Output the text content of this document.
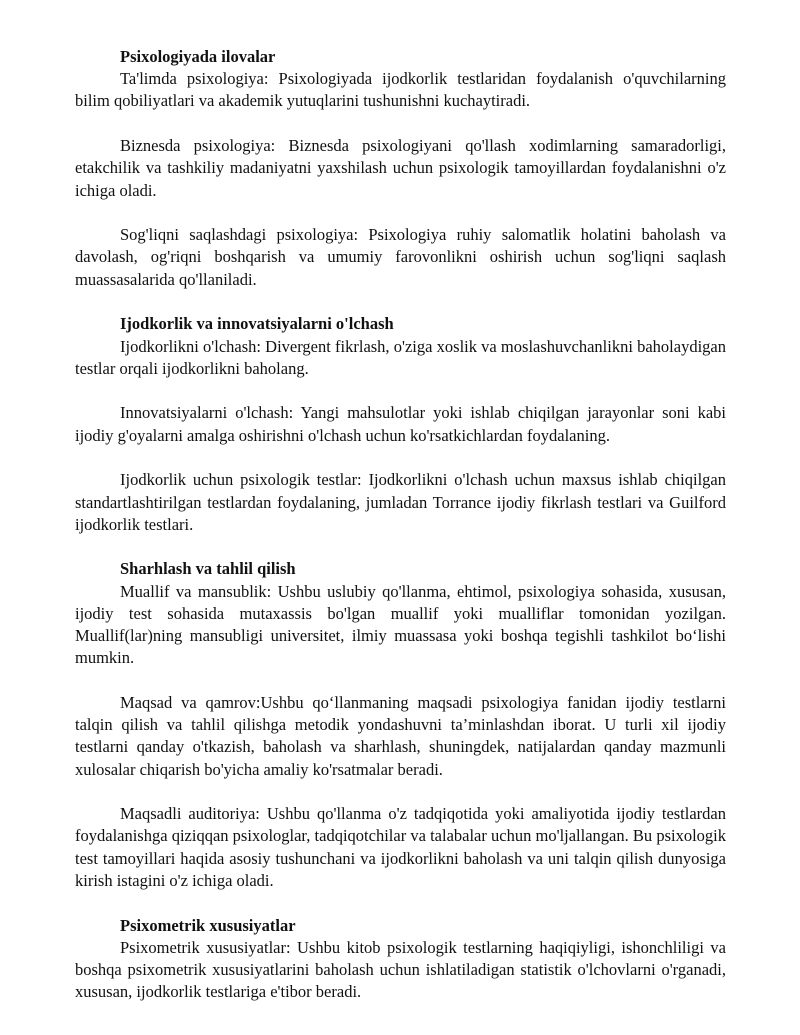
Psixologiyada ilovalar

Ta'limda psixologiya: Psixologiyada ijodkorlik testlaridan foydalanish o'quvchilarning bilim qobiliyatlari va akademik yutuqlarini tushunishni kuchaytiradi.

Biznesda psixologiya: Biznesda psixologiyani qo'llash xodimlarning samaradorligi, etakchilik va tashkiliy madaniyatni yaxshilash uchun psixologik tamoyillardan foydalanishni o'z ichiga oladi.

Sog'liqni saqlashdagi psixologiya: Psixologiya ruhiy salomatlik holatini baholash va davolash, og'riqni boshqarish va umumiy farovonlikni oshirish uchun sog'liqni saqlash muassasalarida qo'llaniladi.

Ijodkorlik va innovatsiyalarni o'lchash

Ijodkorlikni o'lchash: Divergent fikrlash, o'ziga xoslik va moslashuvchanlikni baholaydigan testlar orqali ijodkorlikni baholang.

Innovatsiyalarni o'lchash: Yangi mahsulotlar yoki ishlab chiqilgan jarayonlar soni kabi ijodiy g'oyalarni amalga oshirishni o'lchash uchun ko'rsatkichlardan foydalaning.

Ijodkorlik uchun psixologik testlar: Ijodkorlikni o'lchash uchun maxsus ishlab chiqilgan standartlashtirilgan testlardan foydalaning, jumladan Torrance ijodiy fikrlash testlari va Guilford ijodkorlik testlari.

Sharhlash va tahlil qilish

Muallif va mansublik: Ushbu uslubiy qo'llanma, ehtimol, psixologiya sohasida, xususan, ijodiy test sohasida mutaxassis bo'lgan muallif yoki mualliflar tomonidan yozilgan. Muallif(lar)ning mansubligi universitet, ilmiy muassasa yoki boshqa tegishli tashkilot bo‘lishi mumkin.

Maqsad va qamrov:Ushbu qo‘llanmaning maqsadi psixologiya fanidan ijodiy testlarni talqin qilish va tahlil qilishga metodik yondashuvni ta’minlashdan iborat. U turli xil ijodiy testlarni qanday o'tkazish, baholash va sharhlash, shuningdek, natijalardan qanday mazmunli xulosalar chiqarish bo'yicha amaliy ko'rsatmalar beradi.

Maqsadli auditoriya: Ushbu qo'llanma o'z tadqiqotida yoki amaliyotida ijodiy testlardan foydalanishga qiziqqan psixologlar, tadqiqotchilar va talabalar uchun mo'ljallangan. Bu psixologik test tamoyillari haqida asosiy tushunchani va ijodkorlikni baholash va uni talqin qilish dunyosiga kirish istagini o'z ichiga oladi.

Psixometrik xususiyatlar

Psixometrik xususiyatlar: Ushbu kitob psixologik testlarning haqiqiyligi, ishonchliligi va boshqa psixometrik xususiyatlarini baholash uchun ishlatiladigan statistik o'lchovlarni o'rganadi, xususan, ijodkorlik testlariga e'tibor beradi.
